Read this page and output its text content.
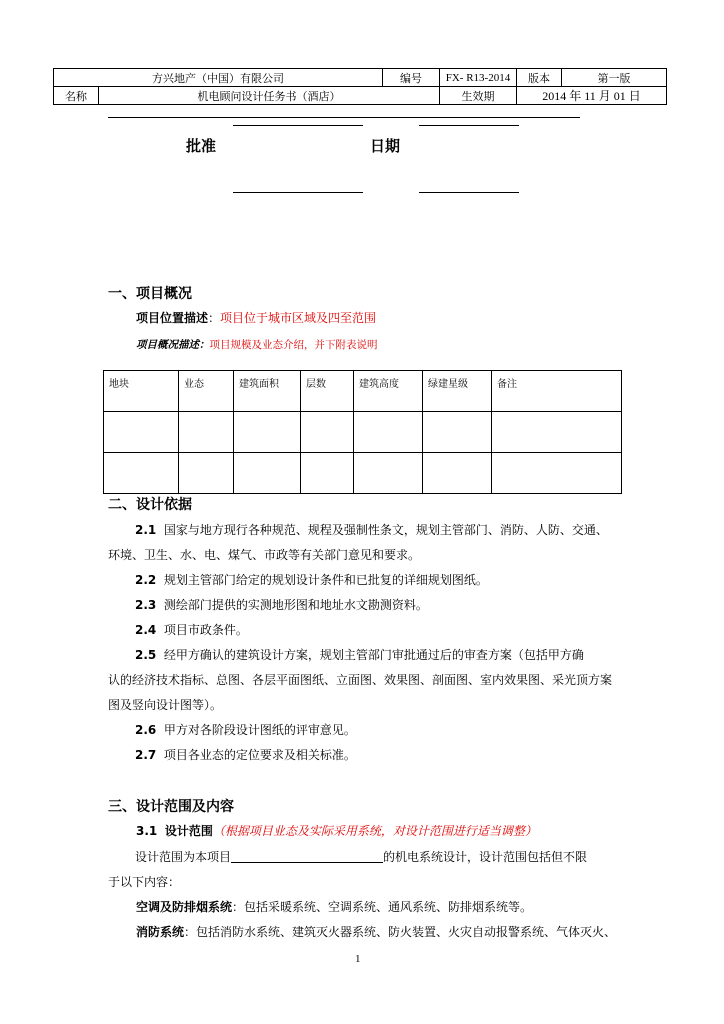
方兴地产（中国）有限公司		编号	FX- R13-2014	版本	第一版
名称	机电顾问设计任务书（酒店）		生效期	2014 年 11 月 01 日	
批准	日期
一、项目概况
项目位置描述：项目位于城市区域及四至范围
项目概况描述：项目规模及业态介绍，并下附表说明
地块	业态	建筑面积	层数	建筑高度	绿建星级	备注

二、设计依据
2.1 国家与地方现行各种规范、规程及强制性条文，规划主管部门、消防、人防、交通、
环境、卫生、水、电、煤气、市政等有关部门意见和要求。
2.2 规划主管部门给定的规划设计条件和已批复的详细规划图纸。
2.3 测绘部门提供的实测地形图和地址水文勘测资料。
2.4 项目市政条件。
2.5 经甲方确认的建筑设计方案，规划主管部门审批通过后的审查方案（包括甲方确
认的经济技术指标、总图、各层平面图纸、立面图、效果图、剖面图、室内效果图、采光顶方案
图及竖向设计图等）。
2.6 甲方对各阶段设计图纸的评审意见。
2.7 项目各业态的定位要求及相关标准。
三、设计范围及内容
3.1 设计范围（根据项目业态及实际采用系统，对设计范围进行适当调整）
设计范围为本项目	的机电系统设计，设计范围包括但不限
于以下内容：
空调及防排烟系统：包括采暖系统、空调系统、通风系统、防排烟系统等。
消防系统：包括消防水系统、建筑灭火器系统、防火装置、火灾自动报警系统、气体灭火、
1
